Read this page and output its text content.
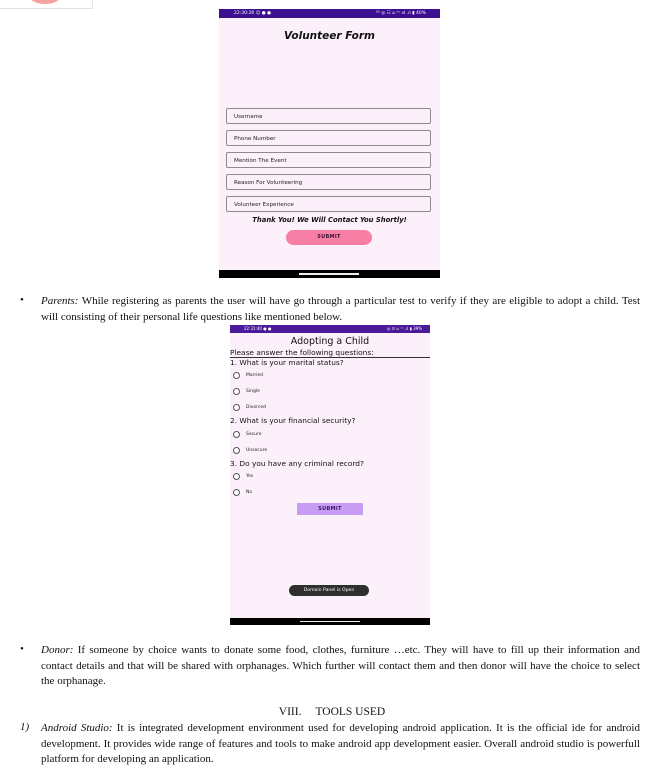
22:30:26 ☺ ● ●	⁵ᴳ ◎ ☷ ⌂ ᵛᵒ ııl .ıl ▮ 40%
Volunteer Form
Username
Phone Number
Mention The Event
Reason For Volunteering
Volunteer Experience
Thank You! We Will Contact You Shortly!
SUBMIT
• Parents: While registering as parents the user will have go through a particular test to verify if they are eligible to adopt a child. Test will consisting of their personal life questions like mentioned below.
22:31:40 ● ●	◎ ☷ ⌂ ᵛᵒ .ıl ▮ 39%
Adopting a Child
Please answer the following questions:
1. What is your marital status?
Married
Single
Divorced
2. What is your financial security?
Secure
Unsecure
3. Do you have any criminal record?
Yes
No
SUBMIT
Domain Panel is Open
• Donor: If someone by choice wants to donate some food, clothes, furniture …etc. They will have to fill up their information and contact details and that will be shared with orphanages. Which further will contact them and then donor will have the choice to select the orphanage.
VIII. TOOLS USED
1) Android Studio: It is integrated development environment used for developing android application. It is the official ide for android development. It provides wide range of features and tools to make android app development easier. Overall android studio is powerfull platform for developing an application.
